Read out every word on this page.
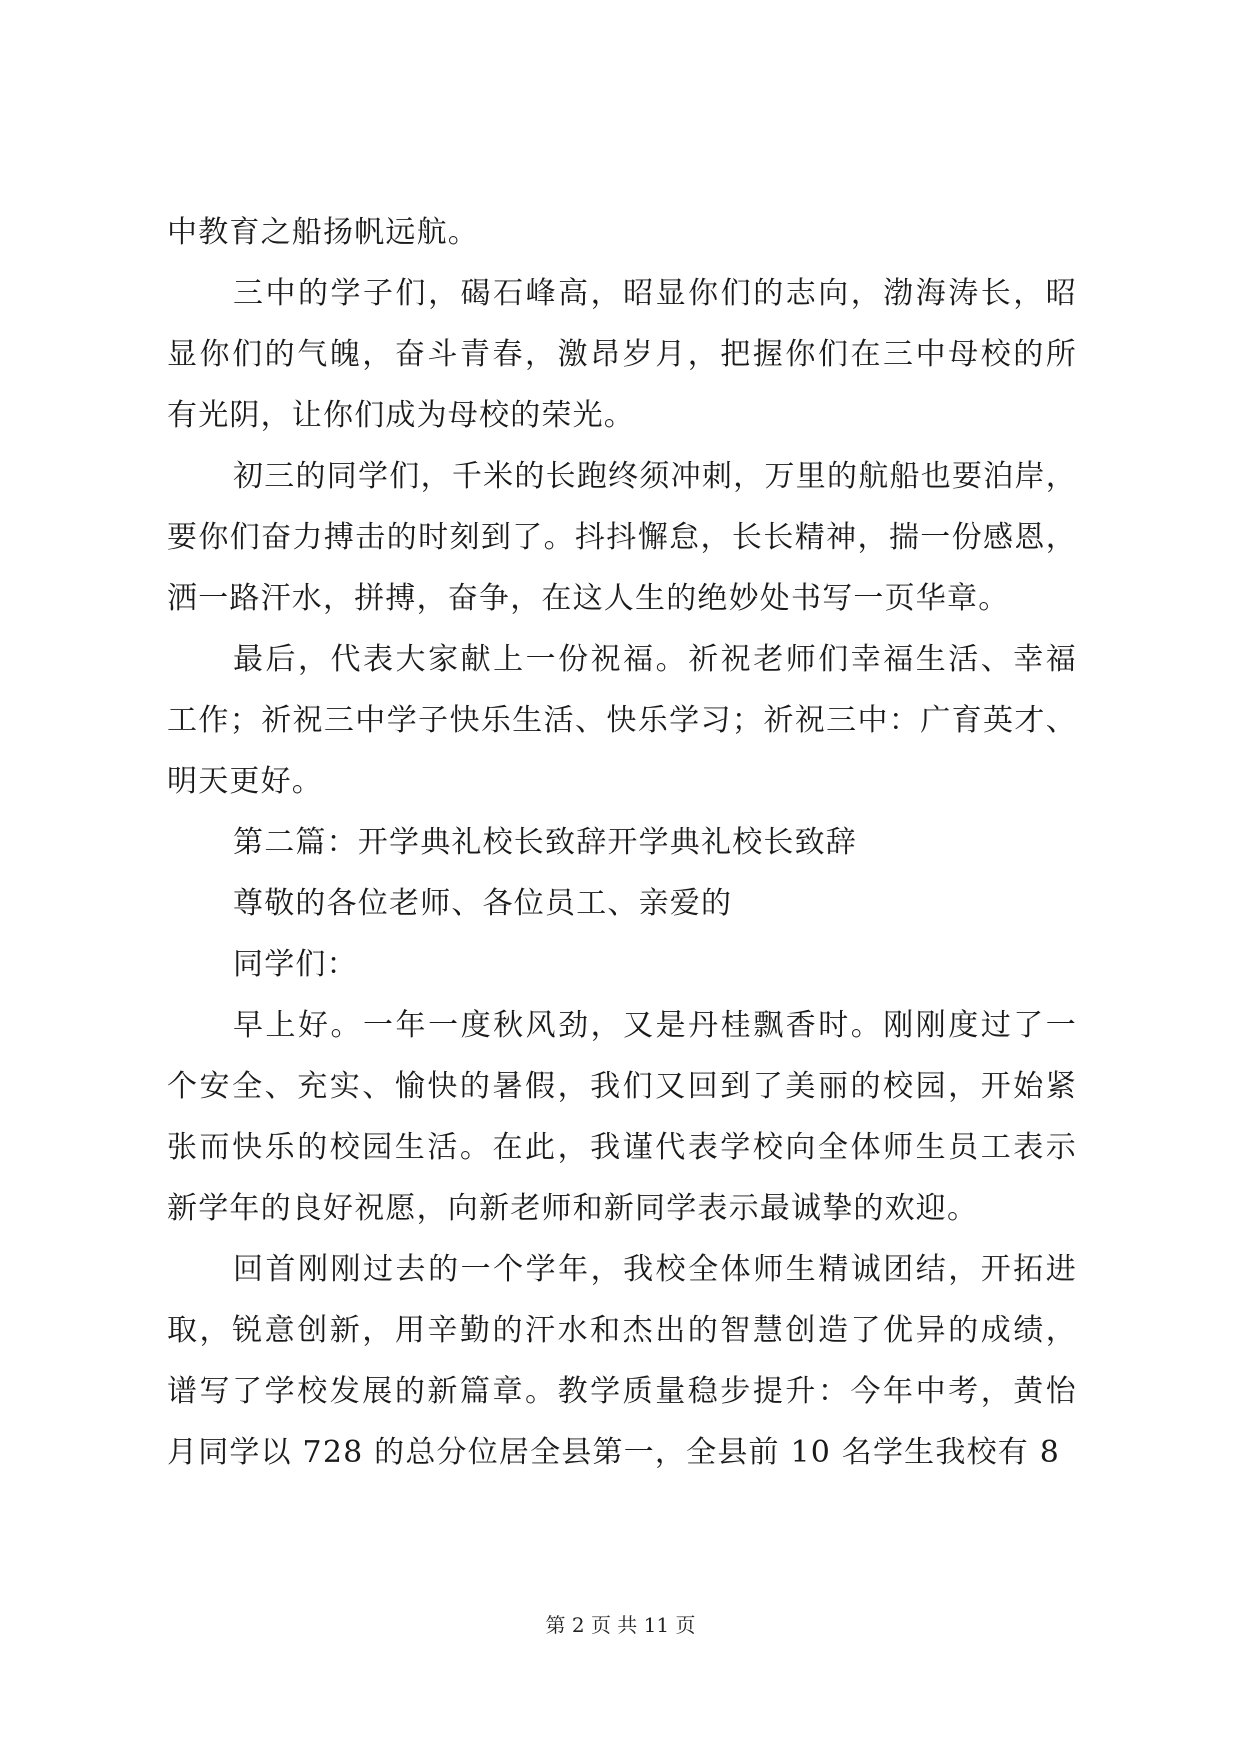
中教育之船扬帆远航。
三中的学子们，碣石峰高，昭显你们的志向，渤海涛长，昭
显你们的气魄，奋斗青春，激昂岁月，把握你们在三中母校的所
有光阴，让你们成为母校的荣光。
初三的同学们，千米的长跑终须冲刺，万里的航船也要泊岸，
要你们奋力搏击的时刻到了。抖抖懈怠，长长精神，揣一份感恩，
洒一路汗水，拼搏，奋争，在这人生的绝妙处书写一页华章。
最后，代表大家献上一份祝福。祈祝老师们幸福生活、幸福
工作；祈祝三中学子快乐生活、快乐学习；祈祝三中：广育英才、
明天更好。
第二篇：开学典礼校长致辞开学典礼校长致辞
尊敬的各位老师、各位员工、亲爱的
同学们：
早上好。一年一度秋风劲，又是丹桂飘香时。刚刚度过了一
个安全、充实、愉快的暑假，我们又回到了美丽的校园，开始紧
张而快乐的校园生活。在此，我谨代表学校向全体师生员工表示
新学年的良好祝愿，向新老师和新同学表示最诚挚的欢迎。
回首刚刚过去的一个学年，我校全体师生精诚团结，开拓进
取，锐意创新，用辛勤的汗水和杰出的智慧创造了优异的成绩，
谱写了学校发展的新篇章。教学质量稳步提升：今年中考，黄怡
月同学以 728 的总分位居全县第一，全县前 10 名学生我校有 8
第 2 页 共 11 页
